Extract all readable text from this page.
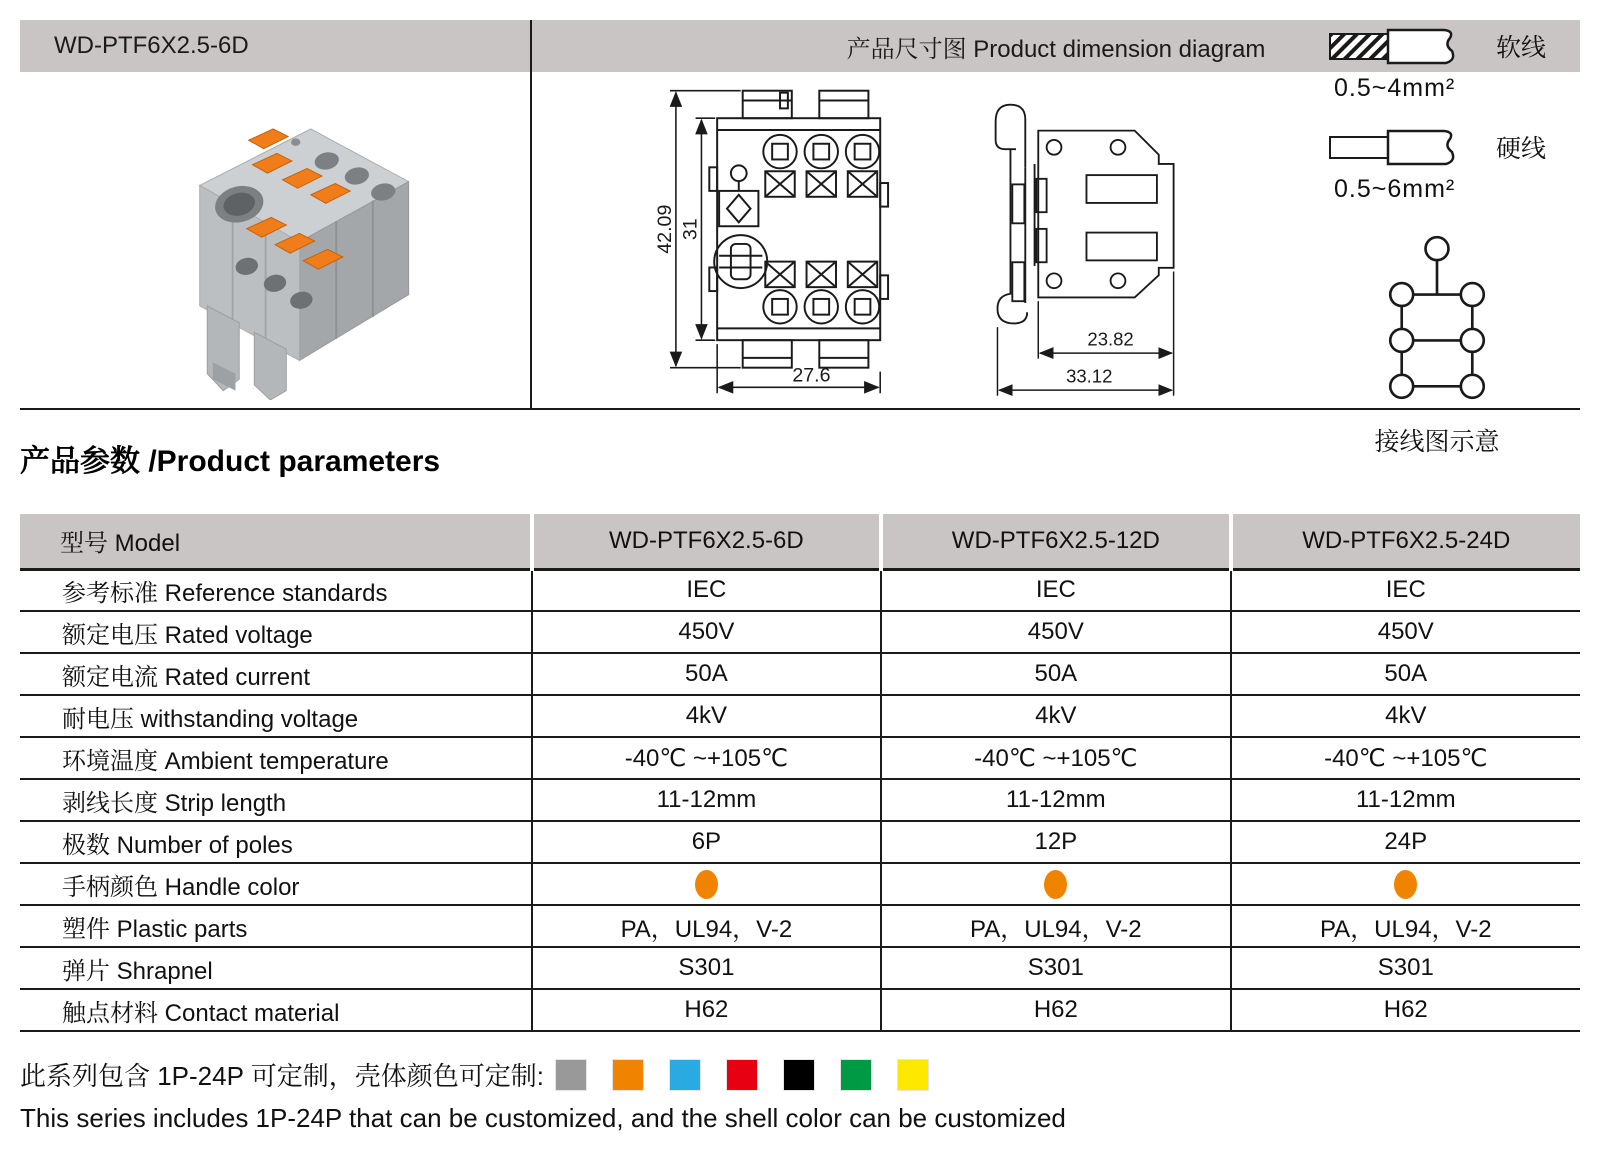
WD-PTF6X2.5-6D	产品尺寸图 Product dimension diagram
42.09 31
27.6
23.82
33.12
软线
0.5~4mm²
硬线
0.5~6mm²
接线图示意
产品参数 /Product parameters
型号 Model	WD-PTF6X2.5-6D	WD-PTF6X2.5-12D	WD-PTF6X2.5-24D
参考标准 Reference standards	IEC	IEC	IEC
额定电压 Rated voltage	450V	450V	450V
额定电流 Rated current	50A	50A	50A
耐电压 withstanding voltage	4kV	4kV	4kV
环境温度 Ambient temperature	-40℃ ~+105℃	-40℃ ~+105℃	-40℃ ~+105℃
剥线长度 Strip length	11-12mm	11-12mm	11-12mm
极数 Number of poles	6P	12P	24P
手柄颜色 Handle color			
塑件 Plastic parts	PA，UL94，V-2	PA，UL94，V-2	PA，UL94，V-2
弹片 Shrapnel	S301	S301	S301
触点材料 Contact material	H62	H62	H62
此系列包含 1P-24P 可定制，壳体颜色可定制:
This series includes 1P-24P that can be customized, and the shell color can be customized
